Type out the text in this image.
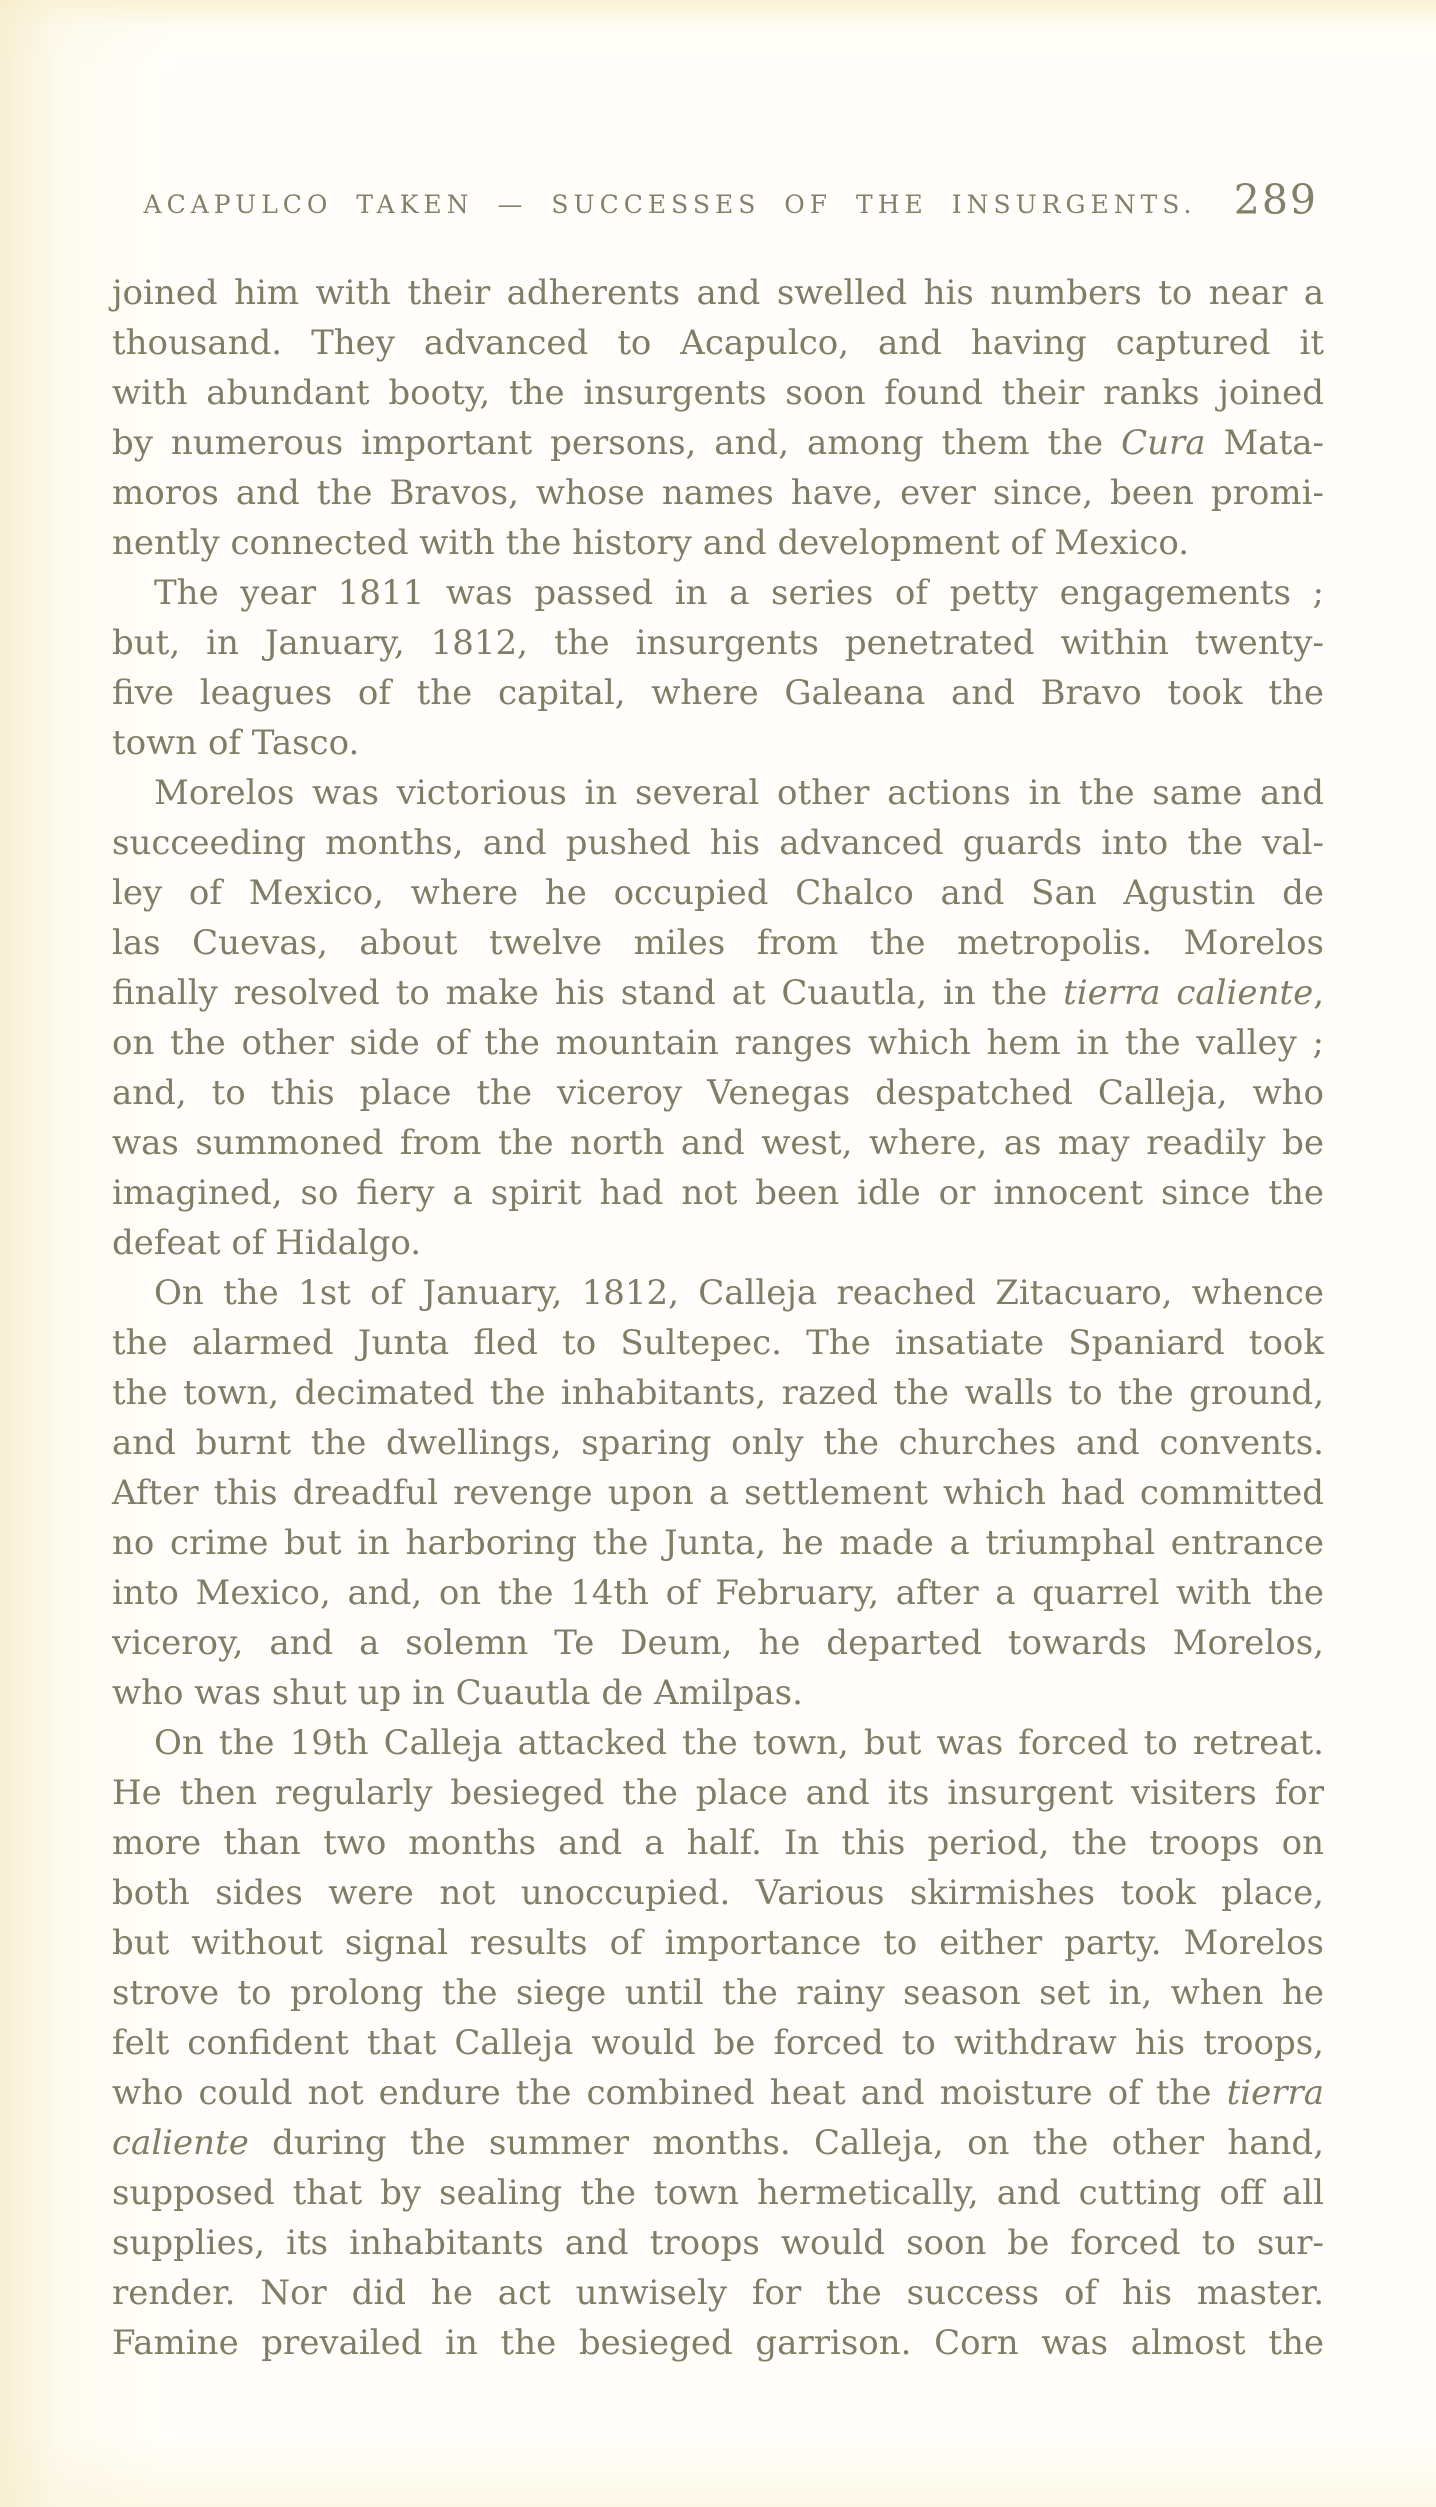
ACAPULCO TAKEN — SUCCESSES OF THE INSURGENTS. 289
joined him with their adherents and swelled his numbers to near a
thousand. They advanced to Acapulco, and having captured it
with abundant booty, the insurgents soon found their ranks joined
by numerous important persons, and, among them the Cura Mata-
moros and the Bravos, whose names have, ever since, been promi-
nently connected with the history and development of Mexico.
The year 1811 was passed in a series of petty engagements ;
but, in January, 1812, the insurgents penetrated within twenty-
five leagues of the capital, where Galeana and Bravo took the
town of Tasco.
Morelos was victorious in several other actions in the same and
succeeding months, and pushed his advanced guards into the val-
ley of Mexico, where he occupied Chalco and San Agustin de
las Cuevas, about twelve miles from the metropolis. Morelos
finally resolved to make his stand at Cuautla, in the tierra caliente,
on the other side of the mountain ranges which hem in the valley ;
and, to this place the viceroy Venegas despatched Calleja, who
was summoned from the north and west, where, as may readily be
imagined, so fiery a spirit had not been idle or innocent since the
defeat of Hidalgo.
On the 1st of January, 1812, Calleja reached Zitacuaro, whence
the alarmed Junta fled to Sultepec. The insatiate Spaniard took
the town, decimated the inhabitants, razed the walls to the ground,
and burnt the dwellings, sparing only the churches and convents.
After this dreadful revenge upon a settlement which had committed
no crime but in harboring the Junta, he made a triumphal entrance
into Mexico, and, on the 14th of February, after a quarrel with the
viceroy, and a solemn Te Deum, he departed towards Morelos,
who was shut up in Cuautla de Amilpas.
On the 19th Calleja attacked the town, but was forced to retreat.
He then regularly besieged the place and its insurgent visiters for
more than two months and a half. In this period, the troops on
both sides were not unoccupied. Various skirmishes took place,
but without signal results of importance to either party. Morelos
strove to prolong the siege until the rainy season set in, when he
felt confident that Calleja would be forced to withdraw his troops,
who could not endure the combined heat and moisture of the tierra
caliente during the summer months. Calleja, on the other hand,
supposed that by sealing the town hermetically, and cutting off all
supplies, its inhabitants and troops would soon be forced to sur-
render. Nor did he act unwisely for the success of his master.
Famine prevailed in the besieged garrison. Corn was almost the
